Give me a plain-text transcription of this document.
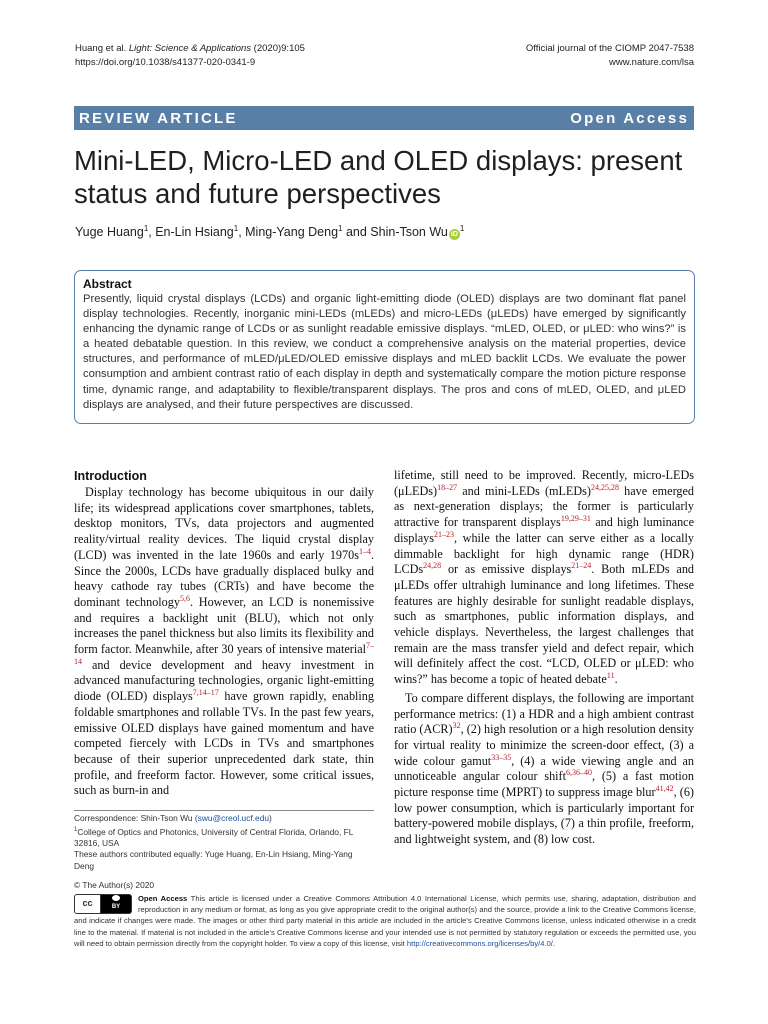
Huang et al. Light: Science & Applications (2020)9:105
https://doi.org/10.1038/s41377-020-0341-9
Official journal of the CIOMP 2047-7538
www.nature.com/lsa
REVIEW ARTICLE	Open Access
Mini-LED, Micro-LED and OLED displays: present status and future perspectives
Yuge Huang$^1$, En-Lin Hsiang$^1$, Ming-Yang Deng$^1$ and Shin-Tson Wu $iD^1$
Abstract

Presently, liquid crystal displays (LCDs) and organic light-emitting diode (OLED) displays are two dominant flat panel display technologies. Recently, inorganic mini-LEDs (mLEDs) and micro-LEDs (μLEDs) have emerged by significantly enhancing the dynamic range of LCDs or as sunlight readable emissive displays. “mLED, OLED, or μLED: who wins?” is a heated debatable question. In this review, we conduct a comprehensive analysis on the material properties, device structures, and performance of mLED/μLED/OLED emissive displays and mLED backlit LCDs. We evaluate the power consumption and ambient contrast ratio of each display in depth and systematically compare the motion picture response time, dynamic range, and adaptability to flexible/transparent displays. The pros and cons of mLED, OLED, and μLED displays are analysed, and their future perspectives are discussed.

Introduction

Display technology has become ubiquitous in our daily life; its widespread applications cover smartphones, tablets, desktop monitors, TVs, data projectors and augmented reality/virtual reality devices. The liquid crystal display (LCD) was invented in the late 1960s and early $1970s^{1-4}$. Since the 2000s, LCDs have gradually displaced bulky and heavy cathode ray tubes (CRTs) and have become the dominant technology$^{5,6}$. However, an LCD is nonemissive and requires a backlight unit (BLU), which not only increases the panel thickness but also limits its flexibility and form factor. Meanwhile, after 30 years of intensive material$^{7-14}$ and device development and heavy investment in advanced manufacturing technologies, organic light-emitting diode (OLED) displays$^{7,14-17}$ have grown rapidly, enabling foldable smartphones and rollable TVs. In the past few years, emissive OLED displays have gained momentum and have competed fiercely with LCDs in TVs and smartphones because of their superior unprecedented dark state, thin profile, and freeform factor. However, some critical issues, such as burn-in and

lifetime, still need to be improved. Recently, micro-LEDs (μLEDs)$^{18-27}$ and mini-LEDs (mLEDs)$^{24,25,28}$ have emerged as next-generation displays; the former is particularly attractive for transparent displays$^{19,29-31}$ and high luminance displays$^{21-23}$, while the latter can serve either as a locally dimmable backlight for high dynamic range (HDR) LCDs$^{24,28}$ or as emissive displays$^{21-24}$. Both mLEDs and μLEDs offer ultrahigh luminance and long lifetimes. These features are highly desirable for sunlight readable displays, such as smartphones, public information displays, and vehicle displays. Nevertheless, the largest challenges that remain are the mass transfer yield and defect repair, which will definitely affect the cost. “LCD, OLED or μLED: who wins?” has become a topic of heated debate$^{11}$.

To compare different displays, the following are important performance metrics: (1) a HDR and a high ambient contrast ratio (ACR)$^{32}$, (2) high resolution or a high resolution density for virtual reality to minimize the screen-door effect, (3) a wide colour gamut$^{33-35}$, (4) a wide viewing angle and an unnoticeable angular colour shift$^{6,36-40}$, (5) a fast motion picture response time (MPRT) to suppress image blur$^{41,42}$, (6) low power consumption, which is particularly important for battery-powered mobile displays, (7) a thin profile, freeform, and lightweight system, and (8) low cost.

Correspondence: Shin-Tson Wu (swu@creol.ucf.edu)
$^1$College of Optics and Photonics, University of Central Florida, Orlando, FL 32816, USA
These authors contributed equally: Yuge Huang, En-Lin Hsiang, Ming-Yang Deng
© The Author(s) 2020
cc	BY
Open Access This article is licensed under a Creative Commons Attribution 4.0 International License, which permits use, sharing, adaptation, distribution and reproduction in any medium or format, as long as you give appropriate credit to the original author(s) and the source, provide a link to the Creative Commons license, and indicate if changes were made. The images or other third party material in this article are included in the article's Creative Commons license, unless indicated otherwise in a credit line to the material. If material is not included in the article's Creative Commons license and your intended use is not permitted by statutory regulation or exceeds the permitted use, you will need to obtain permission directly from the copyright holder. To view a copy of this license, visit http://creativecommons.org/licenses/by/4.0/.
